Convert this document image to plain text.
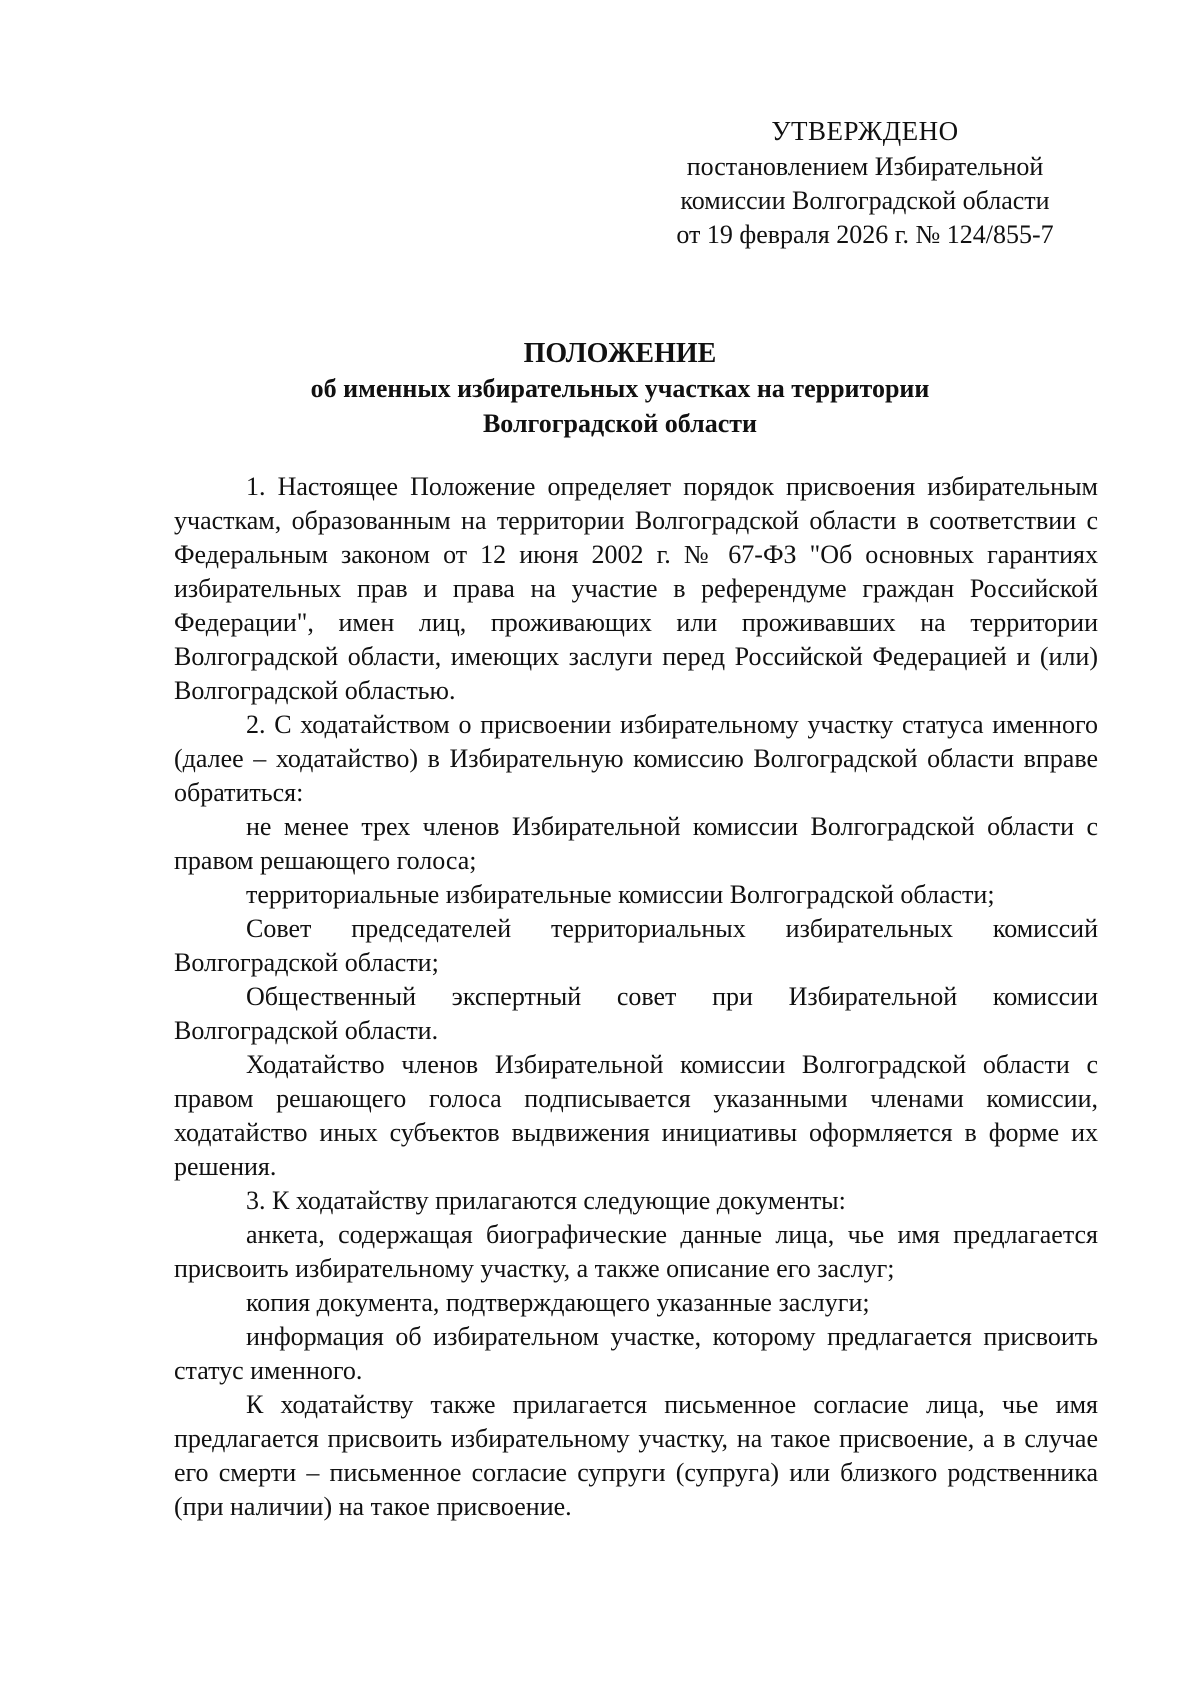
УТВЕРЖДЕНО
постановлением Избирательной
комиссии Волгоградской области
от 19 февраля 2026 г. № 124/855-7
ПОЛОЖЕНИЕ
об именных избирательных участках на территории
Волгоградской области

1. Настоящее Положение определяет порядок присвоения избирательным участкам, образованным на территории Волгоградской области в соответствии с Федеральным законом от 12 июня 2002 г. № 67-ФЗ "Об основных гарантиях избирательных прав и права на участие в референдуме граждан Российской Федерации", имен лиц, проживающих или проживавших на территории Волгоградской области, имеющих заслуги перед Российской Федерацией и (или) Волгоградской областью.

2. С ходатайством о присвоении избирательному участку статуса именного (далее – ходатайство) в Избирательную комиссию Волгоградской области вправе обратиться:

не менее трех членов Избирательной комиссии Волгоградской области с правом решающего голоса;

территориальные избирательные комиссии Волгоградской области;

Совет председателей территориальных избирательных комиссий Волгоградской области;

Общественный экспертный совет при Избирательной комиссии Волгоградской области.

Ходатайство членов Избирательной комиссии Волгоградской области с правом решающего голоса подписывается указанными членами комиссии, ходатайство иных субъектов выдвижения инициативы оформляется в форме их решения.

3. К ходатайству прилагаются следующие документы:

анкета, содержащая биографические данные лица, чье имя предлагается присвоить избирательному участку, а также описание его заслуг;

копия документа, подтверждающего указанные заслуги;

информация об избирательном участке, которому предлагается присвоить статус именного.

К ходатайству также прилагается письменное согласие лица, чье имя предлагается присвоить избирательному участку, на такое присвоение, а в случае его смерти – письменное согласие супруги (супруга) или близкого родственника (при наличии) на такое присвоение.
